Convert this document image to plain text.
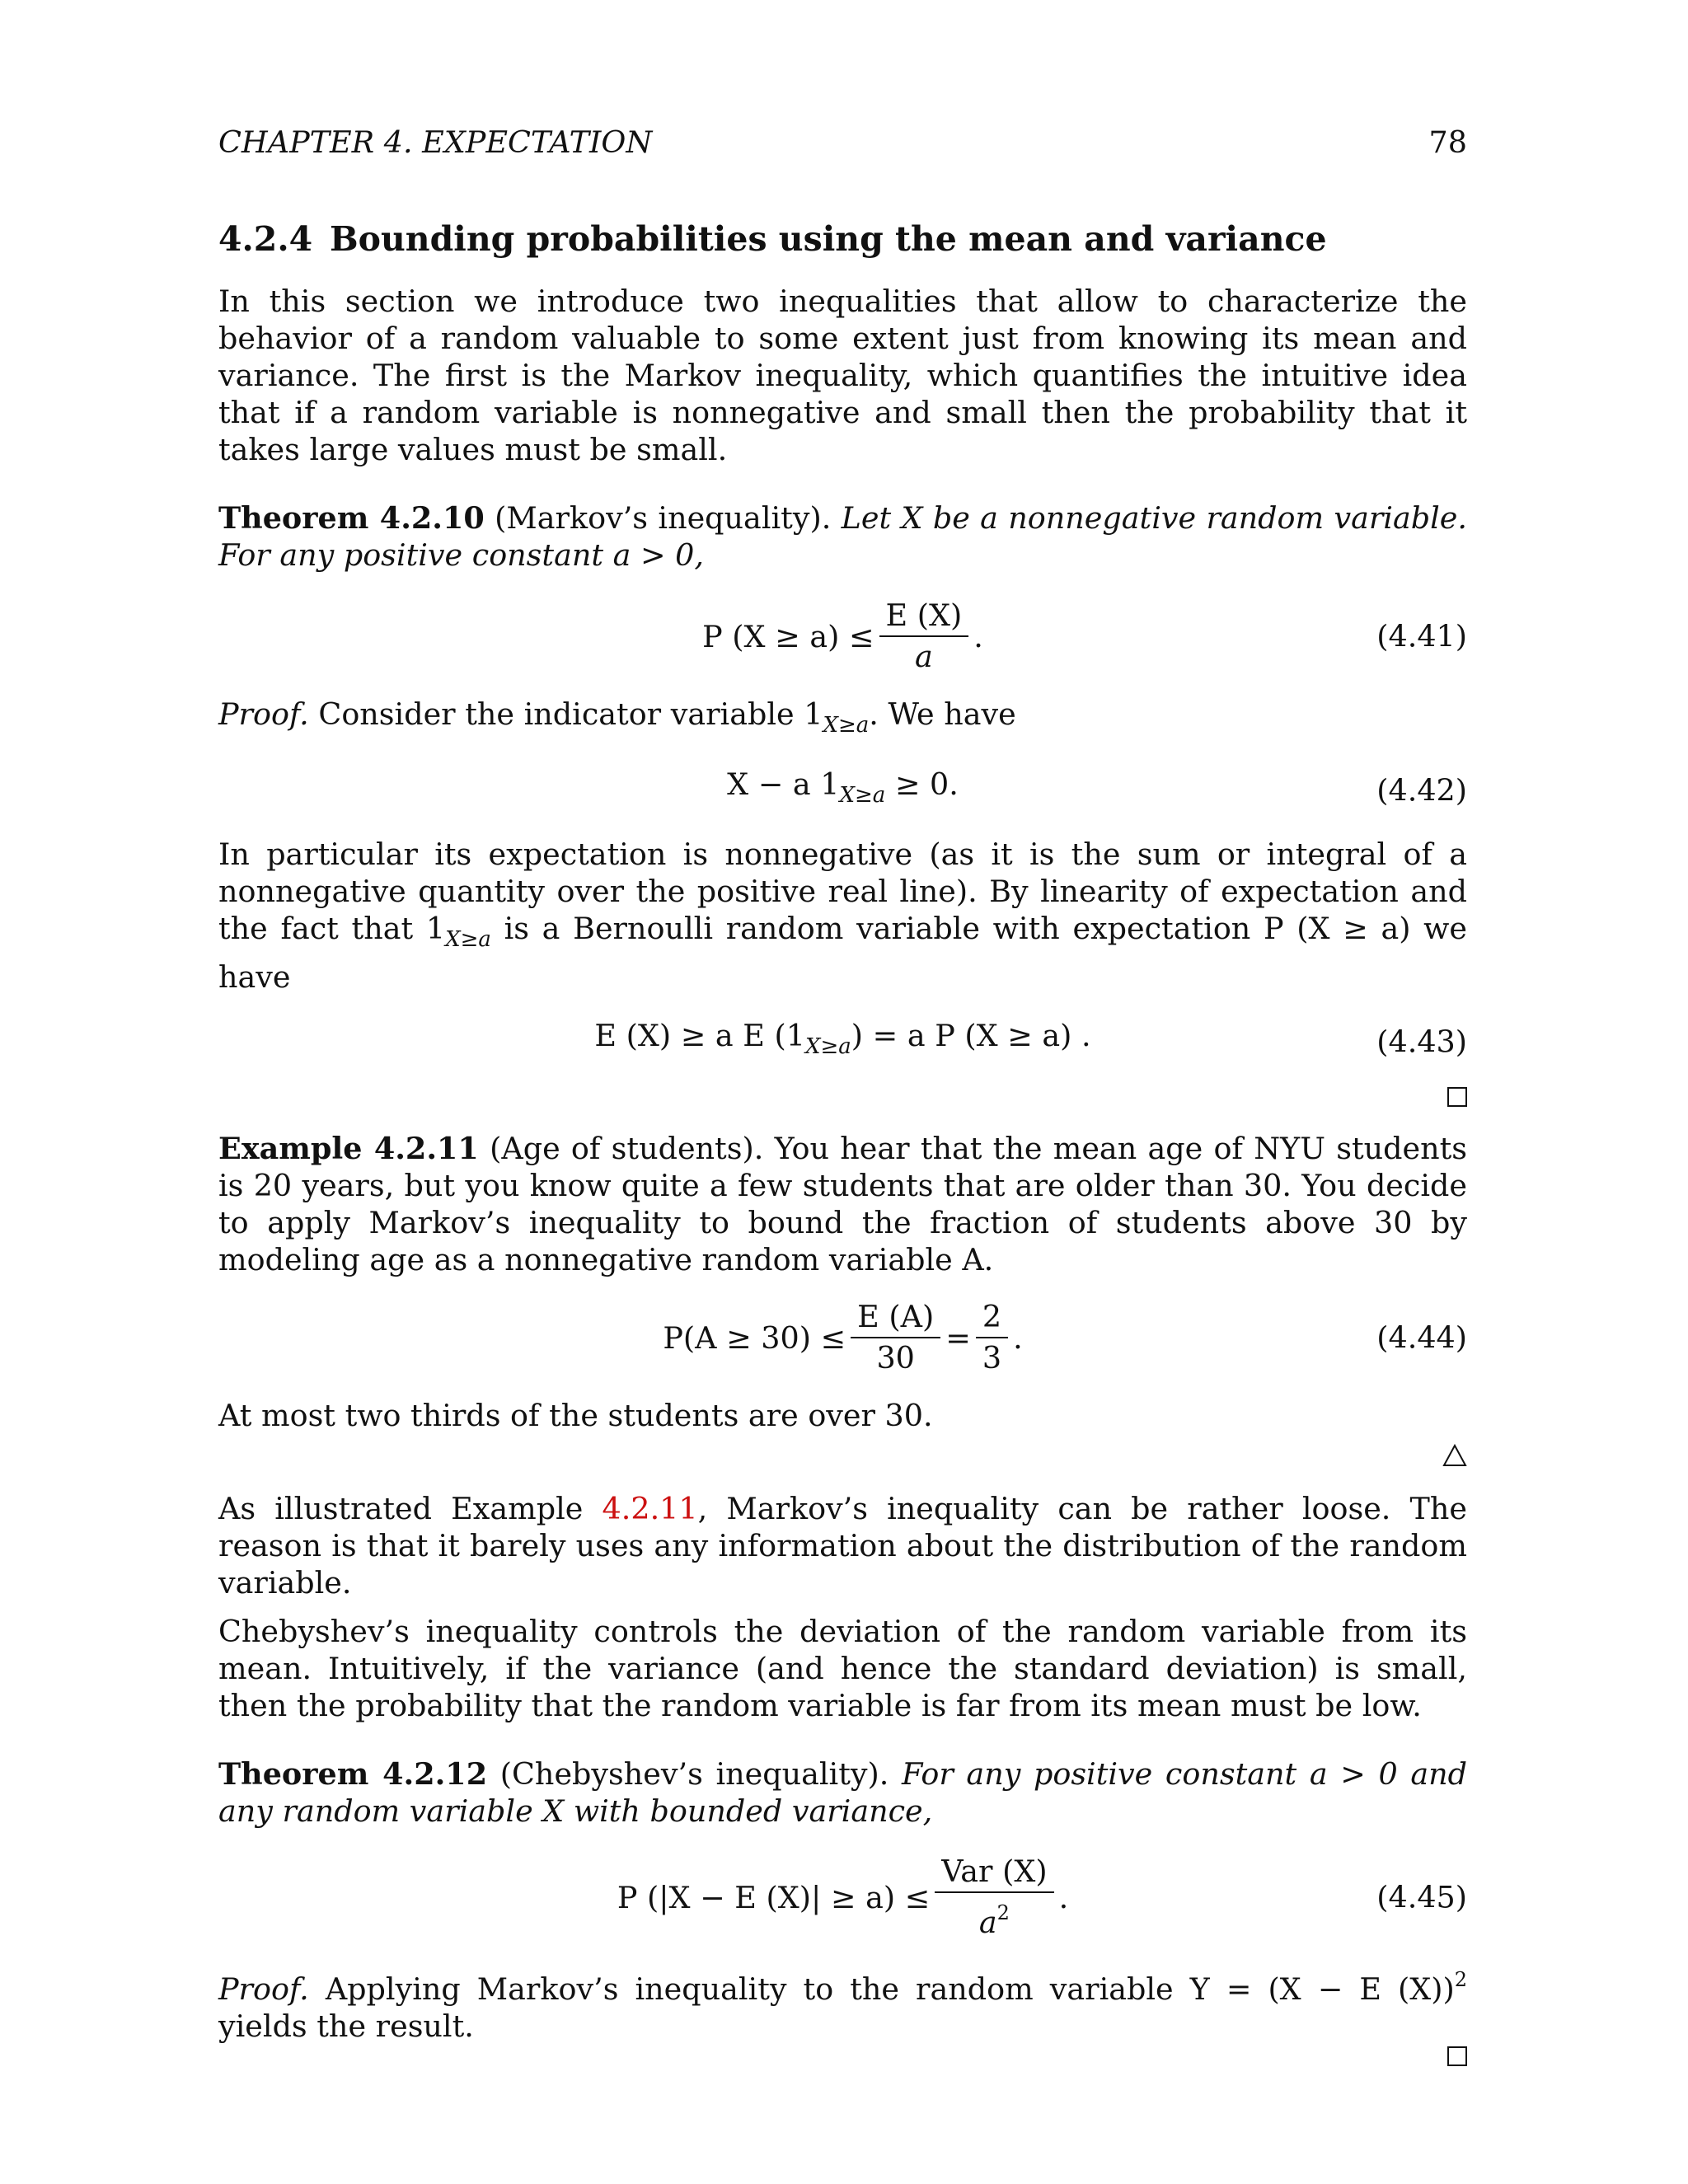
CHAPTER 4. EXPECTATION	78
4.2.4 Bounding probabilities using the mean and variance

In this section we introduce two inequalities that allow to characterize the behavior of a random valuable to some extent just from knowing its mean and variance. The first is the Markov inequality, which quantifies the intuitive idea that if a random variable is nonnegative and small then the probability that it takes large values must be small.

Theorem 4.2.10 (Markov’s inequality). Let X be a nonnegative random variable. For any positive constant a > 0,

P $(X \ge a) \le \frac{E (X)}{a}$ .	(4.41)

Proof. Consider the indicator variable $1_{X\ge a}$. We have

X − a $1_{X\ge a} \ge 0$.	(4.42)

In particular its expectation is nonnegative (as it is the sum or integral of a nonnegative quantity over the positive real line). By linearity of expectation and the fact that $1_{X\ge a}$ is a Bernoulli random variable with expectation P (X ≥ a) we have

E (X) ≥ a E $(1_{X\ge a}) = a$ P (X ≥ a) .	(4.43)

Example 4.2.11 (Age of students). You hear that the mean age of NYU students is 20 years, but you know quite a few students that are older than 30. You decide to apply Markov’s inequality to bound the fraction of students above 30 by modeling age as a nonnegative random variable A.

$P(A \ge 30) \le \frac{E (A)}{30} = \frac{2}{3}$ .	(4.44)

At most two thirds of the students are over 30.

As illustrated Example 4.2.11, Markov’s inequality can be rather loose. The reason is that it barely uses any information about the distribution of the random variable.

Chebyshev’s inequality controls the deviation of the random variable from its mean. Intuitively, if the variance (and hence the standard deviation) is small, then the probability that the random variable is far from its mean must be low.

Theorem 4.2.12 (Chebyshev’s inequality). For any positive constant a > 0 and any random variable X with bounded variance,

P (|X − E $(X)| \ge a) \le \frac{\text{Var (X)}}{a^2}$ .	(4.45)

Proof. Applying Markov’s inequality to the random variable Y = (X − E (X))$^2$ yields the result.
